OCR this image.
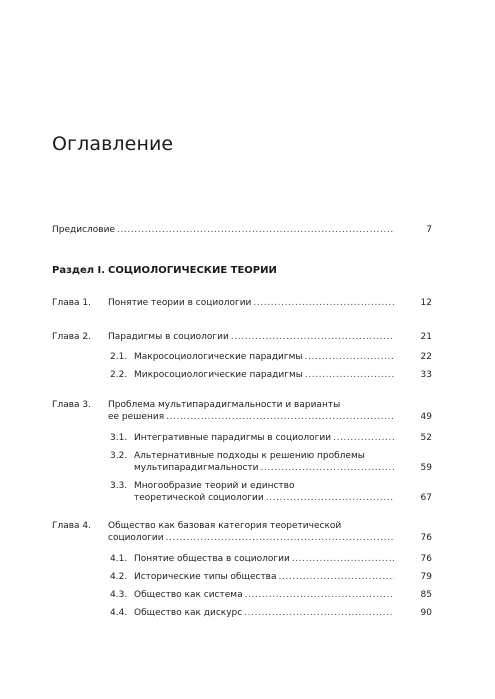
Оглавление
Предисловие .....	7
Раздел I. СОЦИОЛОГИЧЕСКИЕ ТЕОРИИ
Глава 1. Понятие теории в социологии .....	12
Глава 2. Парадигмы в социологии .....	21
2.1. Макросоциологические парадигмы .....	22
2.2. Микросоциологические парадигмы .....	33
Глава 3. Проблема мультипарадигмальности и варианты
ее решения .....	49
3.1. Интегративные парадигмы в социологии .....	52
3.2. Альтернативные подходы к решению проблемы
мультипарадигмальности .....	59
3.3. Многообразие теорий и единство
теоретической социологии .....	67
Глава 4. Общество как базовая категория теоретической
социологии .....	76
4.1. Понятие общества в социологии .....	76
4.2. Исторические типы общества .....	79
4.3. Общество как система .....	85
4.4. Общество как дискурс .....	90
